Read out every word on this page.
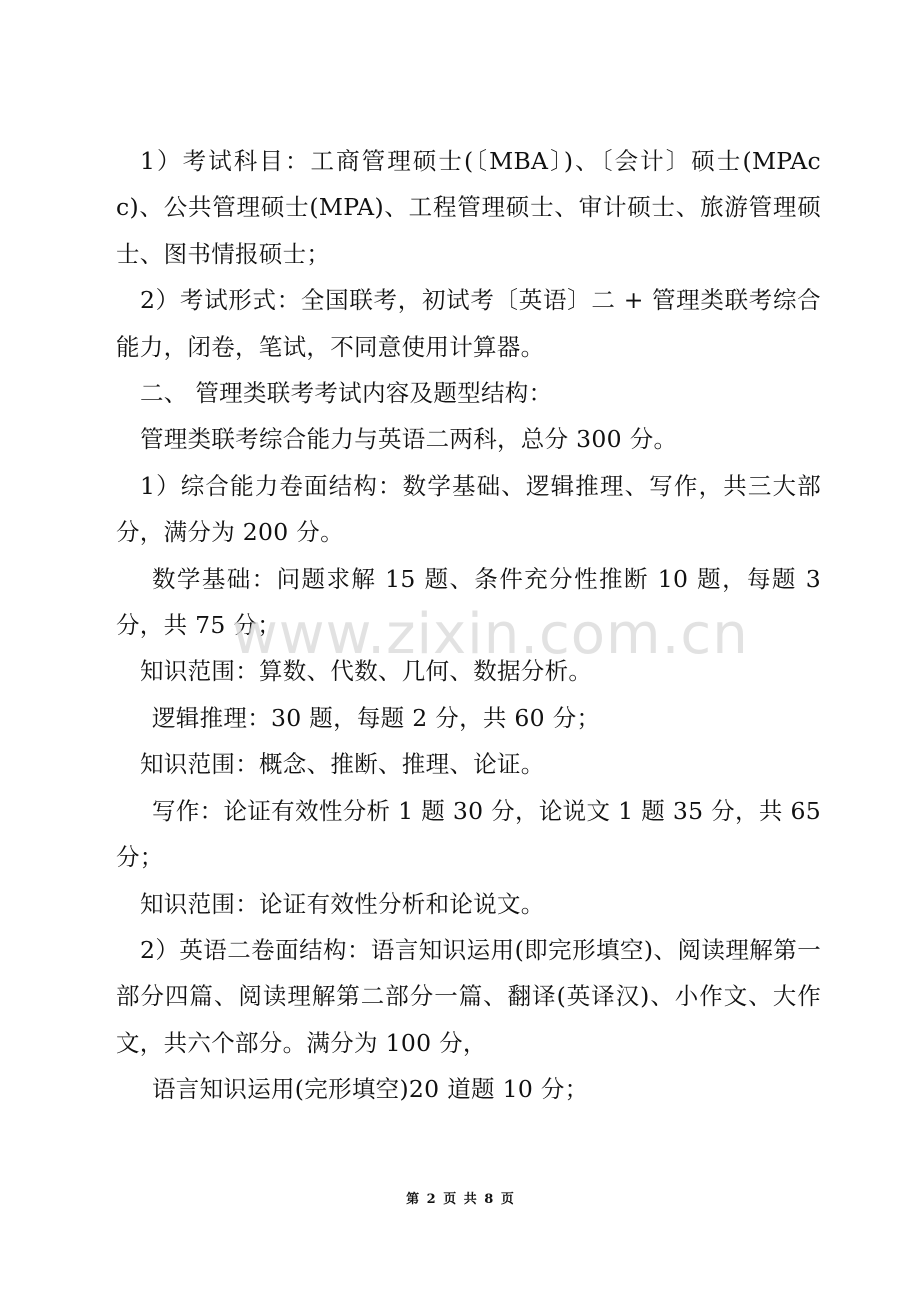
1）考试科目：工商管理硕士(〔MBA〕)、〔会计〕硕士(MPAcc)、公共管理硕士(MPA)、工程管理硕士、审计硕士、旅游管理硕士、图书情报硕士；

2）考试形式：全国联考，初试考〔英语〕二 + 管理类联考综合能力，闭卷，笔试，不同意使用计算器。

二、 管理类联考考试内容及题型结构：

管理类联考综合能力与英语二两科，总分 300 分。

1）综合能力卷面结构：数学基础、逻辑推理、写作，共三大部分，满分为 200 分。

数学基础：问题求解 15 题、条件充分性推断 10 题，每题 3 分，共 75 分；

知识范围：算数、代数、几何、数据分析。

逻辑推理：30 题，每题 2 分，共 60 分；

知识范围：概念、推断、推理、论证。

写作：论证有效性分析 1 题 30 分，论说文 1 题 35 分，共 65 分；

知识范围：论证有效性分析和论说文。

2）英语二卷面结构：语言知识运用(即完形填空)、阅读理解第一部分四篇、阅读理解第二部分一篇、翻译(英译汉)、小作文、大作文，共六个部分。满分为 100 分，

语言知识运用(完形填空)20 道题 10 分；

www.zixin.com.cn
第 2 页 共 8 页
